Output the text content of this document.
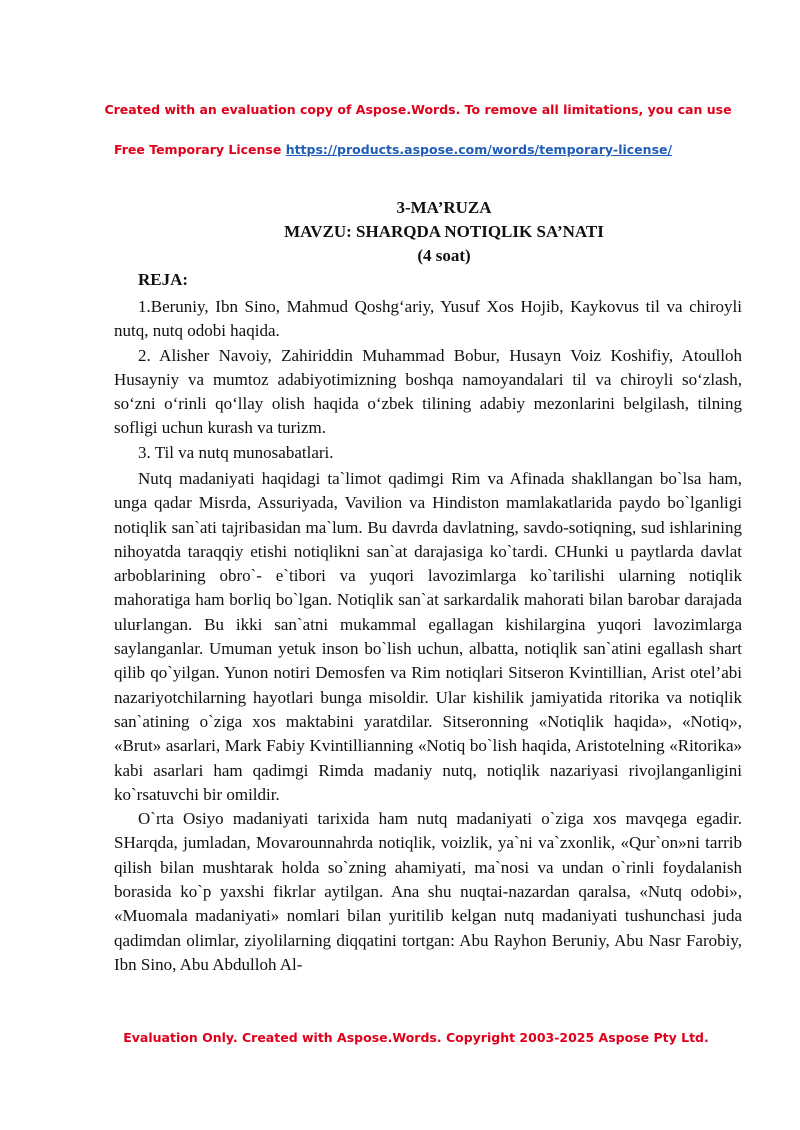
Created with an evaluation copy of Aspose.Words. To remove all limitations, you can use
Free Temporary License https://products.aspose.com/words/temporary-license/
3-MA’RUZA
MAVZU: SHARQDA NOTIQLIK SA’NATI
(4 soat)
REJA:

1.Beruniy, Ibn Sino, Mahmud Qoshg‘ariy, Yusuf Xos Hojib, Kaykovus til va chiroyli nutq, nutq odobi haqida.

2. Alisher Navoiy, Zahiriddin Muhammad Bobur, Husayn Voiz Koshifiy, Atoulloh Husayniy va mumtoz adabiyotimizning boshqa namoyandalari til va chiroyli so‘zlash, so‘zni o‘rinli qo‘llay olish haqida o‘zbek tilining adabiy mezonlarini belgilash, tilning sofligi uchun kurash va turizm.

3. Til va nutq munosabatlari.

Nutq madaniyati haqidagi ta`limot qadimgi Rim va Afinada shakllangan bo`lsa ham, unga qadar Misrda, Assuriyada, Vavilion va Hindiston mamlakatlarida paydo bo`lganligi notiqlik san`ati tajribasidan ma`lum. Bu davrda davlatning, savdo-sotiqning, sud ishlarining nihoyatda taraqqiy etishi notiqlikni san`at darajasiga ko`tardi. CHunki u paytlarda davlat arboblarining obro`- e`tibori va yuqori lavozimlarga ko`tarilishi ularning notiqlik mahoratiga ham boғliq bo`lgan. Notiqlik san`at sarkardalik mahorati bilan barobar darajada uluғlangan. Bu ikki san`atni mukammal egallagan kishilargina yuqori lavozimlarga saylanganlar. Umuman yetuk inson bo`lish uchun, albatta, notiqlik san`atini egallash shart qilib qo`yilgan. Yunon notiri Demosfen va Rim notiqlari Sitseron Kvintillian, Arist otel’abi nazariyotchilarning hayotlari bunga misoldir. Ular kishilik jamiyatida ritorika va notiqlik san`atining o`ziga xos maktabini yaratdilar. Sitseronning «Notiqlik haqida», «Notiq», «Brut» asarlari, Mark Fabiy Kvintillianning «Notiq bo`lish haqida, Aristotelning «Ritorika» kabi asarlari ham qadimgi Rimda madaniy nutq, notiqlik nazariyasi rivojlanganligini ko`rsatuvchi bir omildir.

O`rta Osiyo madaniyati tarixida ham nutq madaniyati o`ziga xos mavqega egadir. SHarqda, jumladan, Movarounnahrda notiqlik, voizlik, ya`ni va`zxonlik, «Qur`on»ni tarrib qilish bilan mushtarak holda so`zning ahamiyati, ma`nosi va undan o`rinli foydalanish borasida ko`p yaxshi fikrlar aytilgan. Ana shu nuqtai-nazardan qaralsa, «Nutq odobi», «Muomala madaniyati» nomlari bilan yuritilib kelgan nutq madaniyati tushunchasi juda qadimdan olimlar, ziyolilarning diqqatini tortgan: Abu Rayhon Beruniy, Abu Nasr Farobiy, Ibn Sino, Abu Abdulloh Al-

Evaluation Only. Created with Aspose.Words. Copyright 2003-2025 Aspose Pty Ltd.
